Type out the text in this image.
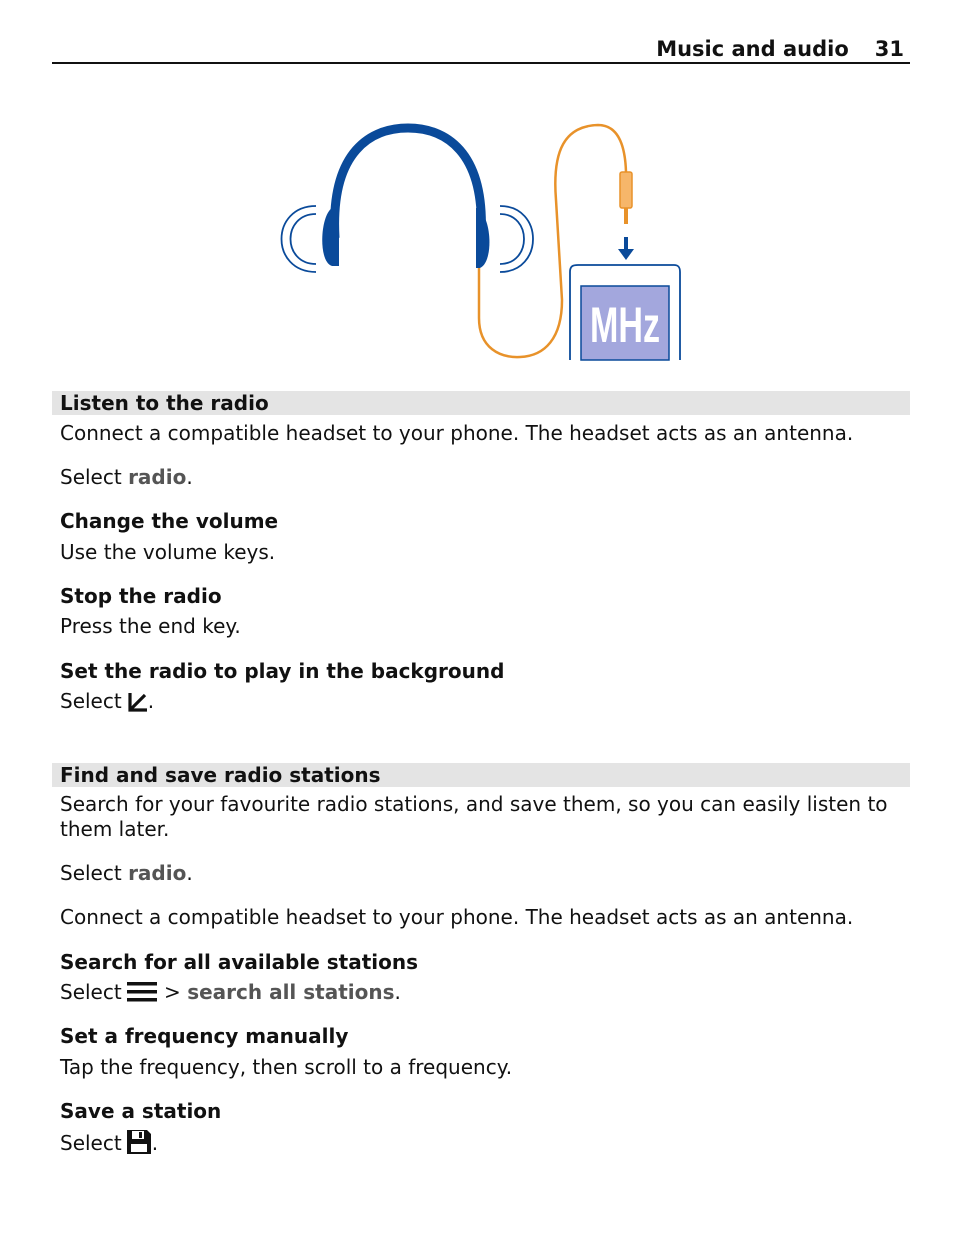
Music and audio 31
MHz
Listen to the radio
Connect a compatible headset to your phone. The headset acts as an antenna.
Select radio.
Change the volume
Use the volume keys.
Stop the radio
Press the end key.
Set the radio to play in the background
Select .
Find and save radio stations
Search for your favourite radio stations, and save them, so you can easily listen to them later.
Select radio.
Connect a compatible headset to your phone. The headset acts as an antenna.
Search for all available stations
Select > search all stations.
Set a frequency manually
Tap the frequency, then scroll to a frequency.
Save a station
Select .
